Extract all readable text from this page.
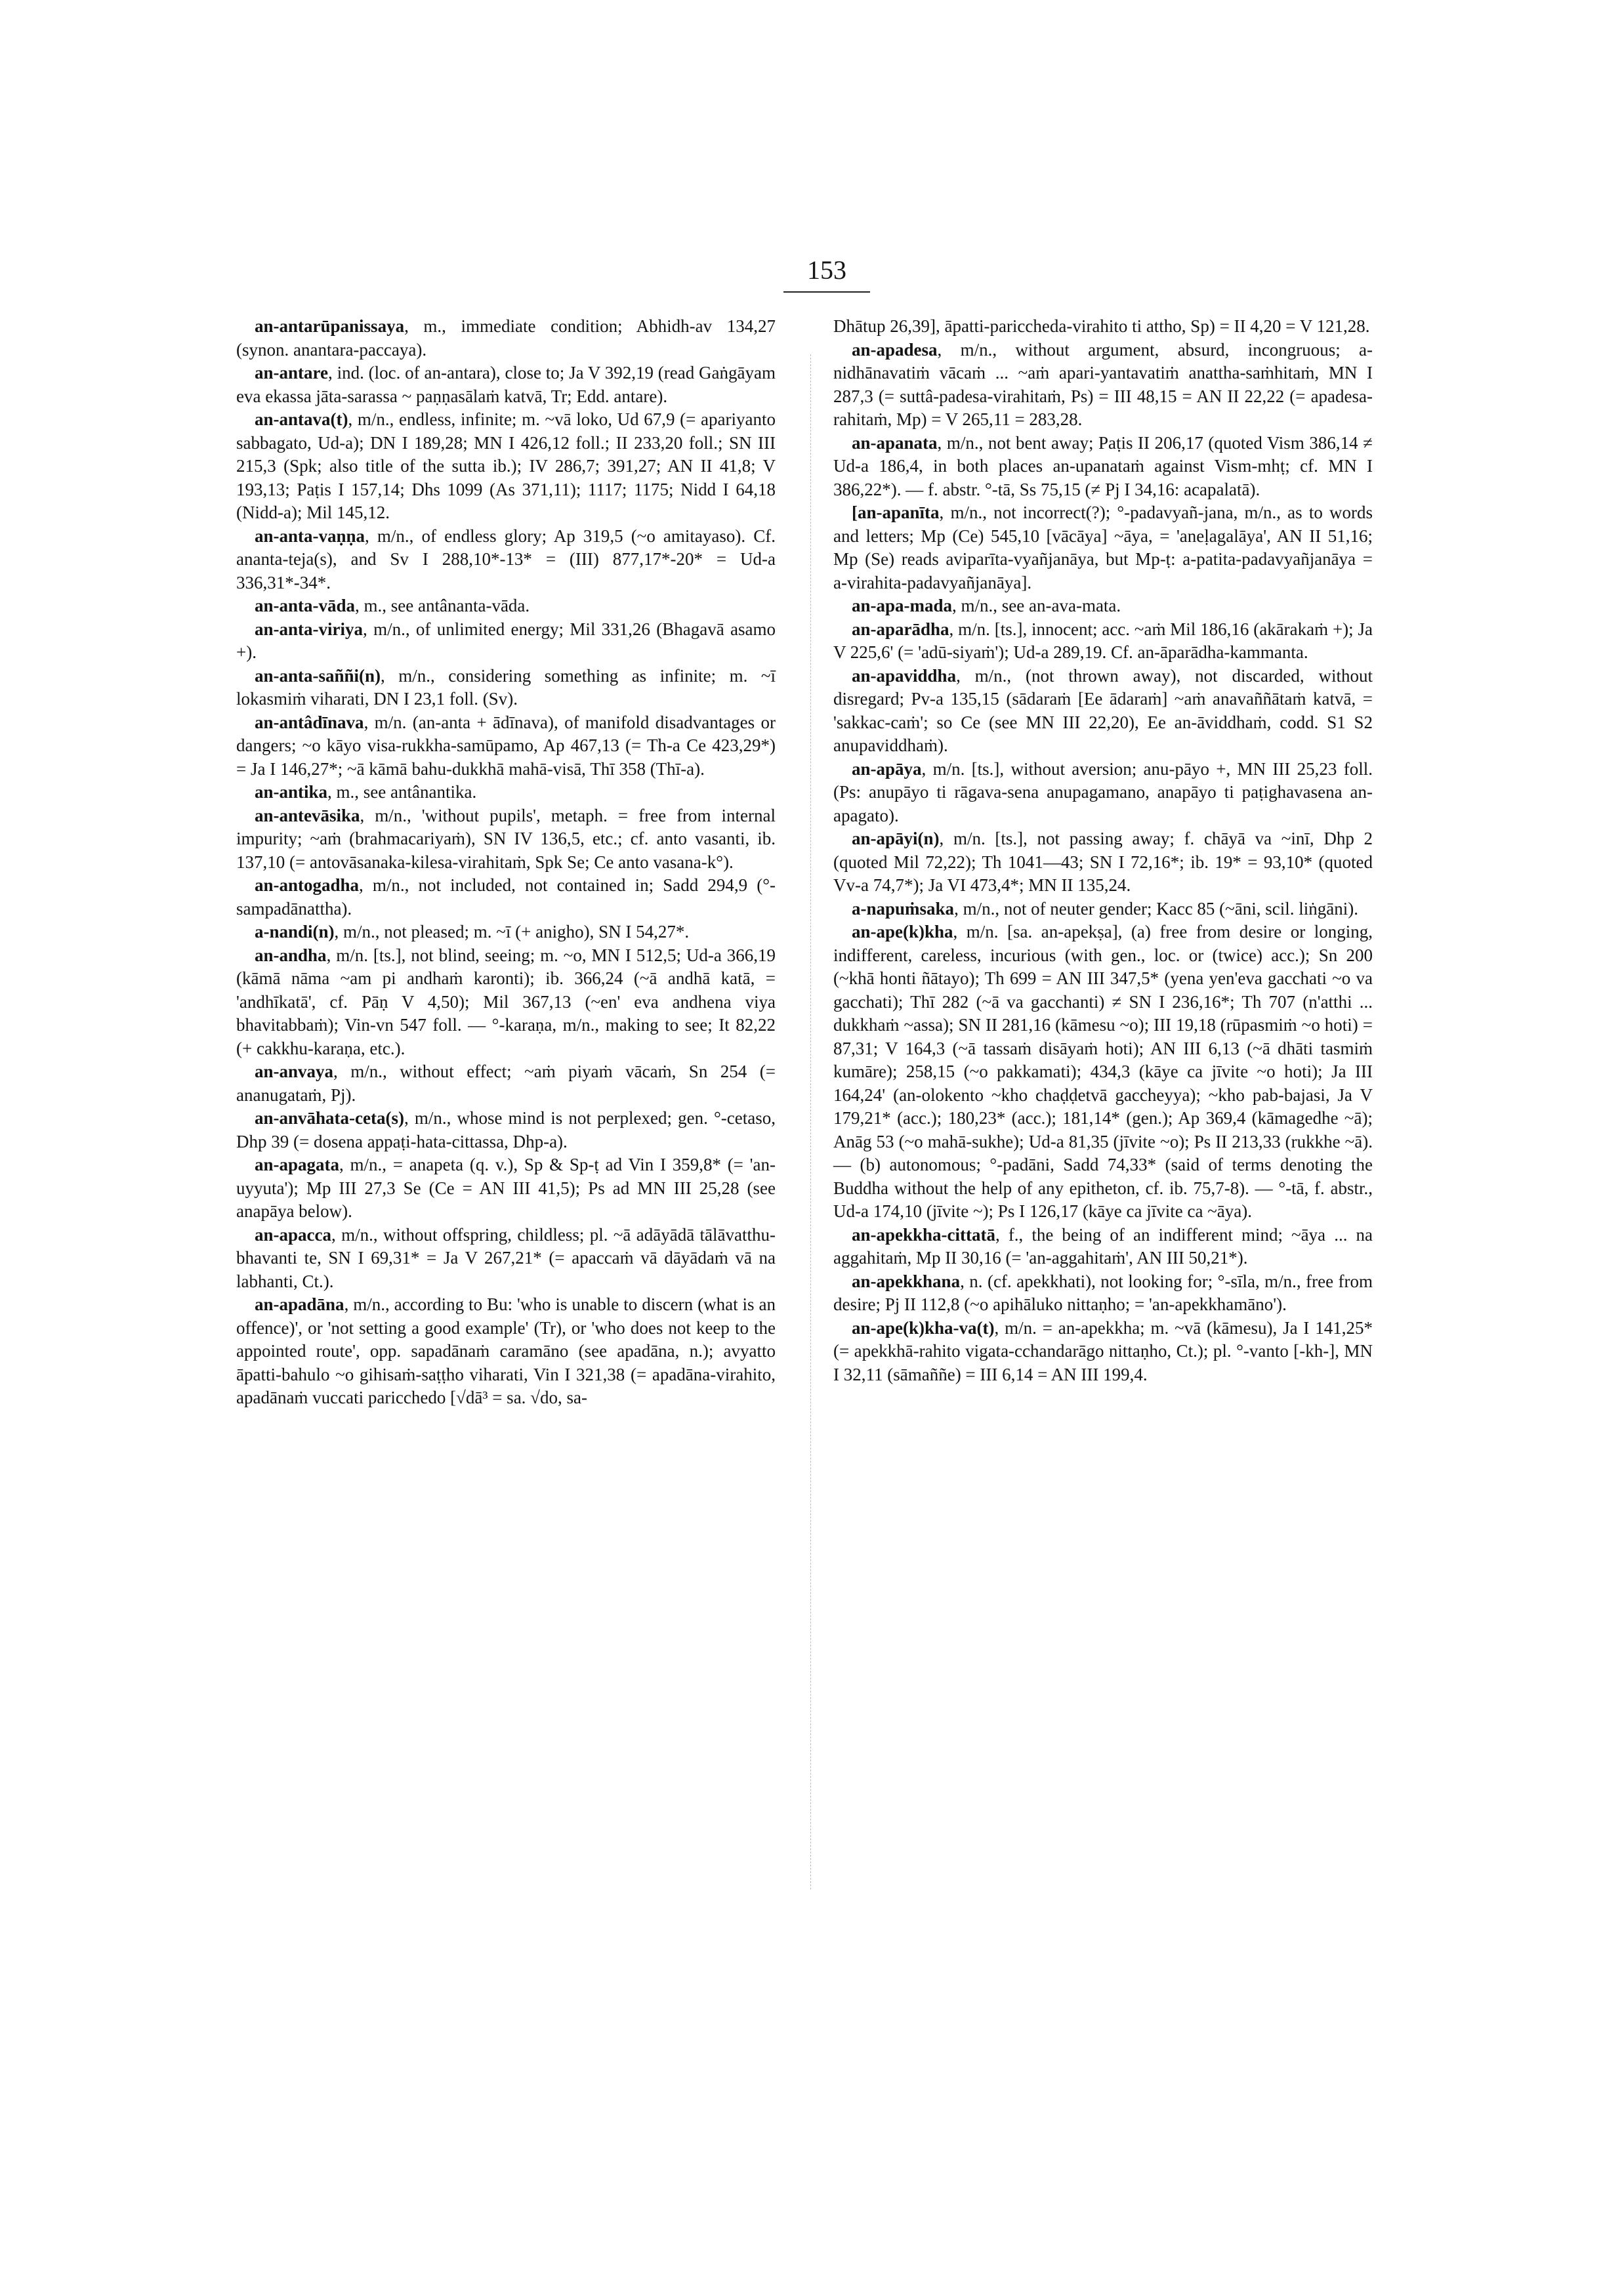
153

an-antarūpanissaya, m., immediate condition; Abhidh-av 134,27 (synon. anantara-paccaya).

an-antare, ind. (loc. of an-antara), close to; Ja V 392,19 (read Gaṅgāyam eva ekassa jāta-sarassa ~ paṇṇasālaṁ katvā, Tr; Edd. antare).

an-antava(t), m/n., endless, infinite; m. ~vā loko, Ud 67,9 (= apariyanto sabbagato, Ud-a); DN I 189,28; MN I 426,12 foll.; II 233,20 foll.; SN III 215,3 (Spk; also title of the sutta ib.); IV 286,7; 391,27; AN II 41,8; V 193,13; Paṭis I 157,14; Dhs 1099 (As 371,11); 1117; 1175; Nidd I 64,18 (Nidd-a); Mil 145,12.

an-anta-vaṇṇa, m/n., of endless glory; Ap 319,5 (~o amitayaso). Cf. ananta-teja(s), and Sv I 288,10*-13* = (III) 877,17*-20* = Ud-a 336,31*-34*.

an-anta-vāda, m., see antânanta-vāda.

an-anta-viriya, m/n., of unlimited energy; Mil 331,26 (Bhagavā asamo +).

an-anta-saññi(n), m/n., considering something as infinite; m. ~ī lokasmiṁ viharati, DN I 23,1 foll. (Sv).

an-antâdīnava, m/n. (an-anta + ādīnava), of manifold disadvantages or dangers; ~o kāyo visa-rukkha-samūpamo, Ap 467,13 (= Th-a Ce 423,29*) = Ja I 146,27*; ~ā kāmā bahu-dukkhā mahā-visā, Thī 358 (Thī-a).

an-antika, m., see antânantika.

an-antevāsika, m/n., 'without pupils', metaph. = free from internal impurity; ~aṁ (brahmacariyaṁ), SN IV 136,5, etc.; cf. anto vasanti, ib. 137,10 (= antovāsanaka-kilesa-virahitaṁ, Spk Se; Ce anto vasana-k°).

an-antogadha, m/n., not included, not contained in; Sadd 294,9 (°-sampadānattha).

a-nandi(n), m/n., not pleased; m. ~ī (+ anigho), SN I 54,27*.

an-andha, m/n. [ts.], not blind, seeing; m. ~o, MN I 512,5; Ud-a 366,19 (kāmā nāma ~am pi andhaṁ karonti); ib. 366,24 (~ā andhā katā, = 'andhīkatā', cf. Pāṇ V 4,50); Mil 367,13 (~en' eva andhena viya bhavitabbaṁ); Vin-vn 547 foll. — °-karaṇa, m/n., making to see; It 82,22 (+ cakkhu-karaṇa, etc.).

an-anvaya, m/n., without effect; ~aṁ piyaṁ vācaṁ, Sn 254 (= ananugataṁ, Pj).

an-anvāhata-ceta(s), m/n., whose mind is not perplexed; gen. °-cetaso, Dhp 39 (= dosena appaṭi-hata-cittassa, Dhp-a).

an-apagata, m/n., = anapeta (q. v.), Sp & Sp-ṭ ad Vin I 359,8* (= 'an-uyyuta'); Mp III 27,3 Se (Ce = AN III 41,5); Ps ad MN III 25,28 (see anapāya below).

an-apacca, m/n., without offspring, childless; pl. ~ā adāyādā tālāvatthu-bhavanti te, SN I 69,31* = Ja V 267,21* (= apaccaṁ vā dāyādaṁ vā na labhanti, Ct.).

an-apadāna, m/n., according to Bu: 'who is unable to discern (what is an offence)', or 'not setting a good example' (Tr), or 'who does not keep to the appointed route', opp. sapadānaṁ caramāno (see apadāna, n.); avyatto āpatti-bahulo ~o gihisaṁ-saṭṭho viharati, Vin I 321,38 (= apadāna-virahito, apadānaṁ vuccati paricchedo [√dā³ = sa. √do, sa-

Dhātup 26,39], āpatti-pariccheda-virahito ti attho, Sp) = II 4,20 = V 121,28.

an-apadesa, m/n., without argument, absurd, incongruous; a-nidhānavatiṁ vācaṁ ... ~aṁ apari-yantavatiṁ anattha-saṁhitaṁ, MN I 287,3 (= suttâ-padesa-virahitaṁ, Ps) = III 48,15 = AN II 22,22 (= apadesa-rahitaṁ, Mp) = V 265,11 = 283,28.

an-apanata, m/n., not bent away; Paṭis II 206,17 (quoted Vism 386,14 ≠ Ud-a 186,4, in both places an-upanataṁ against Vism-mhṭ; cf. MN I 386,22*). — f. abstr. °-tā, Ss 75,15 (≠ Pj I 34,16: acapalatā).

[an-apanīta, m/n., not incorrect(?); °-padavyañ-jana, m/n., as to words and letters; Mp (Ce) 545,10 [vācāya] ~āya, = 'aneḷagalāya', AN II 51,16; Mp (Se) reads aviparīta-vyañjanāya, but Mp-ṭ: a-patita-padavyañjanāya = a-virahita-padavyañjanāya].

an-apa-mada, m/n., see an-ava-mata.

an-aparādha, m/n. [ts.], innocent; acc. ~aṁ Mil 186,16 (akārakaṁ +); Ja V 225,6' (= 'adū-siyaṁ'); Ud-a 289,19. Cf. an-āparādha-kammanta.

an-apaviddha, m/n., (not thrown away), not discarded, without disregard; Pv-a 135,15 (sādaraṁ [Ee ādaraṁ] ~aṁ anavaññātaṁ katvā, = 'sakkac-caṁ'; so Ce (see MN III 22,20), Ee an-āviddhaṁ, codd. S1 S2 anupaviddhaṁ).

an-apāya, m/n. [ts.], without aversion; anu-pāyo +, MN III 25,23 foll. (Ps: anupāyo ti rāgava-sena anupagamano, anapāyo ti paṭighavasena an-apagato).

an-apāyi(n), m/n. [ts.], not passing away; f. chāyā va ~inī, Dhp 2 (quoted Mil 72,22); Th 1041—43; SN I 72,16*; ib. 19* = 93,10* (quoted Vv-a 74,7*); Ja VI 473,4*; MN II 135,24.

a-napuṁsaka, m/n., not of neuter gender; Kacc 85 (~āni, scil. liṅgāni).

an-ape(k)kha, m/n. [sa. an-apekṣa], (a) free from desire or longing, indifferent, careless, incurious (with gen., loc. or (twice) acc.); Sn 200 (~khā honti ñātayo); Th 699 = AN III 347,5* (yena yen'eva gacchati ~o va gacchati); Thī 282 (~ā va gacchanti) ≠ SN I 236,16*; Th 707 (n'atthi ... dukkhaṁ ~assa); SN II 281,16 (kāmesu ~o); III 19,18 (rūpasmiṁ ~o hoti) = 87,31; V 164,3 (~ā tassaṁ disāyaṁ hoti); AN III 6,13 (~ā dhāti tasmiṁ kumāre); 258,15 (~o pakkamati); 434,3 (kāye ca jīvite ~o hoti); Ja III 164,24' (an-olokento ~kho chaḍḍetvā gaccheyya); ~kho pab-bajasi, Ja V 179,21* (acc.); 180,23* (acc.); 181,14* (gen.); Ap 369,4 (kāmagedhe ~ā); Anāg 53 (~o mahā-sukhe); Ud-a 81,35 (jīvite ~o); Ps II 213,33 (rukkhe ~ā). — (b) autonomous; °-padāni, Sadd 74,33* (said of terms denoting the Buddha without the help of any epitheton, cf. ib. 75,7-8). — °-tā, f. abstr., Ud-a 174,10 (jīvite ~); Ps I 126,17 (kāye ca jīvite ca ~āya).

an-apekkha-cittatā, f., the being of an indifferent mind; ~āya ... na aggahitaṁ, Mp II 30,16 (= 'an-aggahitaṁ', AN III 50,21*).

an-apekkhana, n. (cf. apekkhati), not looking for; °-sīla, m/n., free from desire; Pj II 112,8 (~o apihāluko nittaṇho; = 'an-apekkhamāno').

an-ape(k)kha-va(t), m/n. = an-apekkha; m. ~vā (kāmesu), Ja I 141,25* (= apekkhā-rahito vigata-cchandarāgo nittaṇho, Ct.); pl. °-vanto [-kh-], MN I 32,11 (sāmaññe) = III 6,14 = AN III 199,4.
